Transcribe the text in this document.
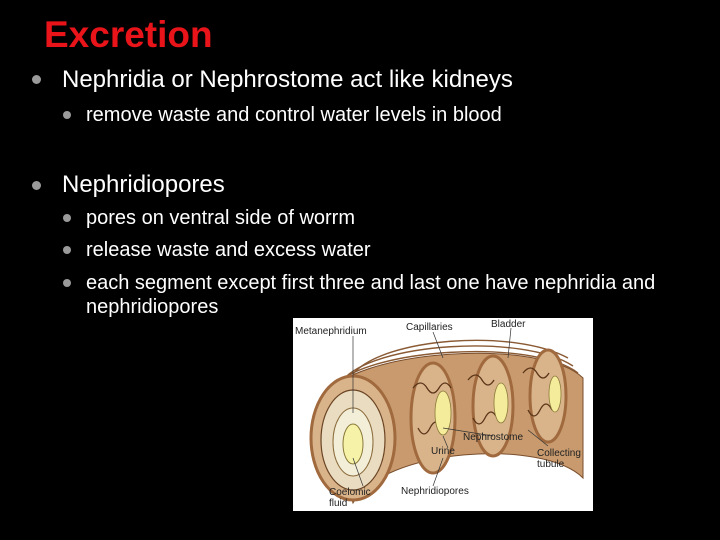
Excretion
Nephridia or Nephrostome act like kidneys
remove waste and control water levels in blood
Nephridiopores
pores on ventral side of worrm
release waste and excess water
each segment except first three and last one have nephridia and nephridiopores
Metanephridium	Capillaries	Bladder
Nephrostome
Urine	Collecting
tubule
Coelomic
fluid
Nephridiopores
